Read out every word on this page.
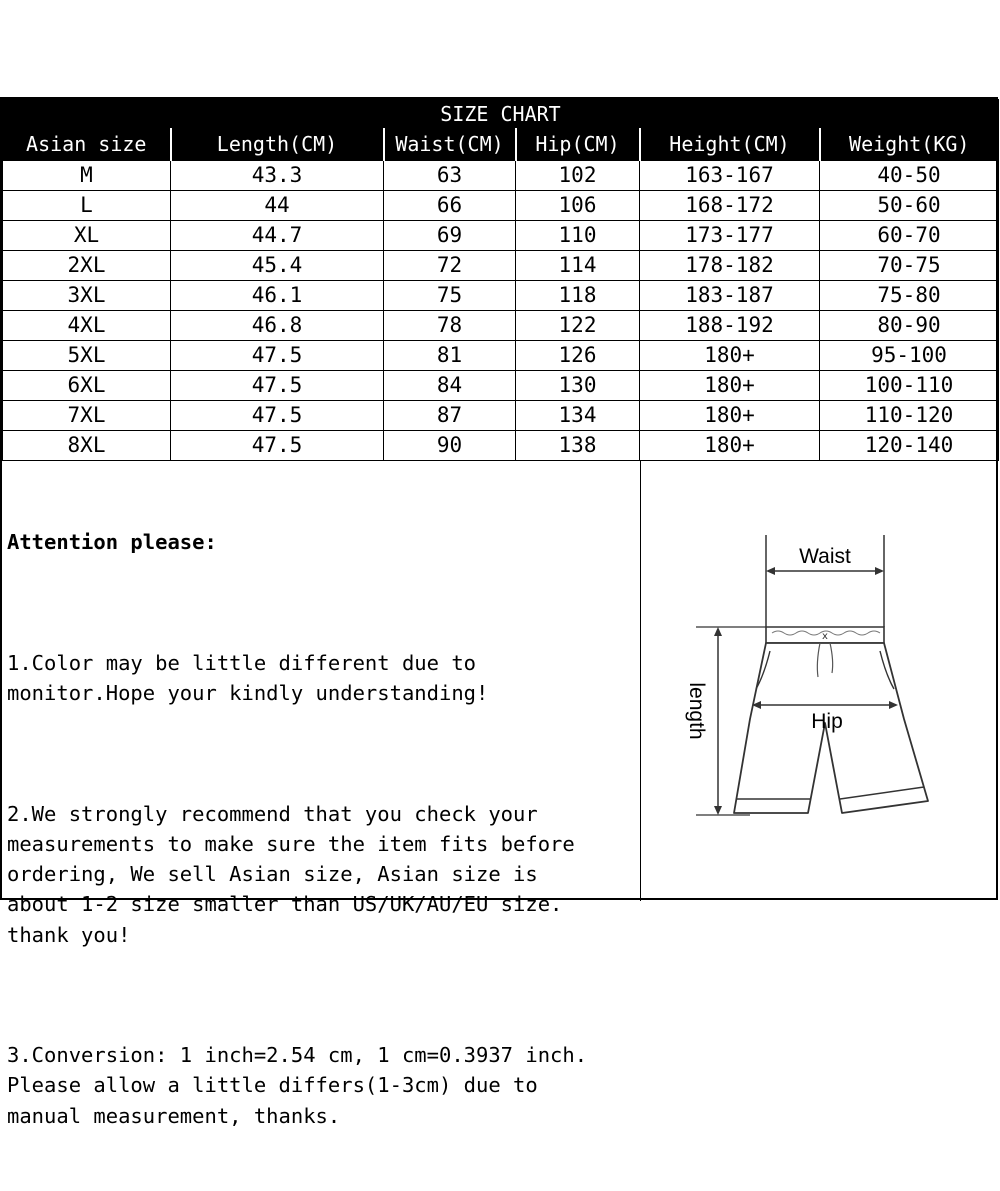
SIZE CHART					
Asian size	Length(CM)	Waist(CM)	Hip(CM)	Height(CM)	Weight(KG)
M	43.3	63	102	163-167	40-50
L	44	66	106	168-172	50-60
XL	44.7	69	110	173-177	60-70
2XL	45.4	72	114	178-182	70-75
3XL	46.1	75	118	183-187	75-80
4XL	46.8	78	122	188-192	80-90
5XL	47.5	81	126	180+	95-100
6XL	47.5	84	130	180+	100-110
7XL	47.5	87	134	180+	110-120
8XL	47.5	90	138	180+	120-140

Attention please:

1.Color may be little different due to
monitor.Hope your kindly understanding!

2.We strongly recommend that you check your
measurements to make sure the item fits before
ordering, We sell Asian size, Asian size is
about 1-2 size smaller than US/UK/AU/EU size.
thank you!

3.Conversion: 1 inch=2.54 cm, 1 cm=0.3937 inch.
Please allow a little differs(1-3cm) due to
manual measurement, thanks.

Waist
length
x
Hip
